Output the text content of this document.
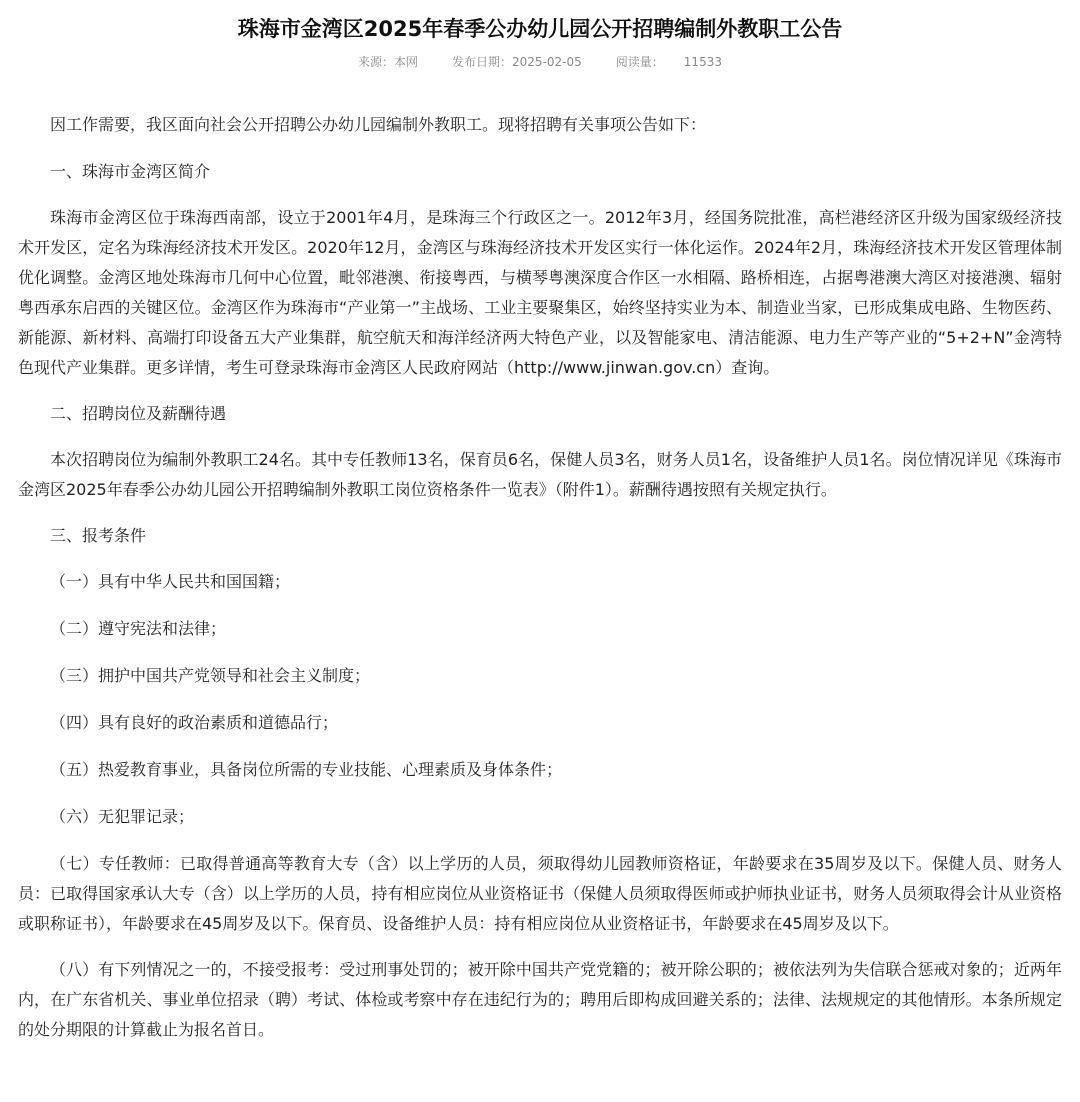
珠海市金湾区2025年春季公办幼儿园公开招聘编制外教职工公告
来源：本网	发布日期：2025-02-05	阅读量： 11533

因工作需要，我区面向社会公开招聘公办幼儿园编制外教职工。现将招聘有关事项公告如下：

一、珠海市金湾区简介

珠海市金湾区位于珠海西南部，设立于2001年4月，是珠海三个行政区之一。2012年3月，经国务院批准，高栏港经济区升级为国家级经济技术开发区，定名为珠海经济技术开发区。2020年12月，金湾区与珠海经济技术开发区实行一体化运作。2024年2月，珠海经济技术开发区管理体制优化调整。金湾区地处珠海市几何中心位置，毗邻港澳、衔接粤西，与横琴粤澳深度合作区一水相隔、路桥相连，占据粤港澳大湾区对接港澳、辐射粤西承东启西的关键区位。金湾区作为珠海市“产业第一”主战场、工业主要聚集区，始终坚持实业为本、制造业当家，已形成集成电路、生物医药、新能源、新材料、高端打印设备五大产业集群，航空航天和海洋经济两大特色产业，以及智能家电、清洁能源、电力生产等产业的“5+2+N”金湾特色现代产业集群。更多详情，考生可登录珠海市金湾区人民政府网站（http://www.jinwan.gov.cn）查询。

二、招聘岗位及薪酬待遇

本次招聘岗位为编制外教职工24名。其中专任教师13名，保育员6名，保健人员3名，财务人员1名，设备维护人员1名。岗位情况详见《珠海市金湾区2025年春季公办幼儿园公开招聘编制外教职工岗位资格条件一览表》（附件1）。薪酬待遇按照有关规定执行。

三、报考条件

（一）具有中华人民共和国国籍；

（二）遵守宪法和法律；

（三）拥护中国共产党领导和社会主义制度；

（四）具有良好的政治素质和道德品行；

（五）热爱教育事业，具备岗位所需的专业技能、心理素质及身体条件；

（六）无犯罪记录；

（七）专任教师：已取得普通高等教育大专（含）以上学历的人员，须取得幼儿园教师资格证，年龄要求在35周岁及以下。保健人员、财务人员：已取得国家承认大专（含）以上学历的人员，持有相应岗位从业资格证书（保健人员须取得医师或护师执业证书，财务人员须取得会计从业资格或职称证书），年龄要求在45周岁及以下。保育员、设备维护人员：持有相应岗位从业资格证书，年龄要求在45周岁及以下。

（八）有下列情况之一的，不接受报考：受过刑事处罚的；被开除中国共产党党籍的；被开除公职的；被依法列为失信联合惩戒对象的；近两年内，在广东省机关、事业单位招录（聘）考试、体检或考察中存在违纪行为的；聘用后即构成回避关系的；法律、法规规定的其他情形。本条所规定的处分期限的计算截止为报名首日。
